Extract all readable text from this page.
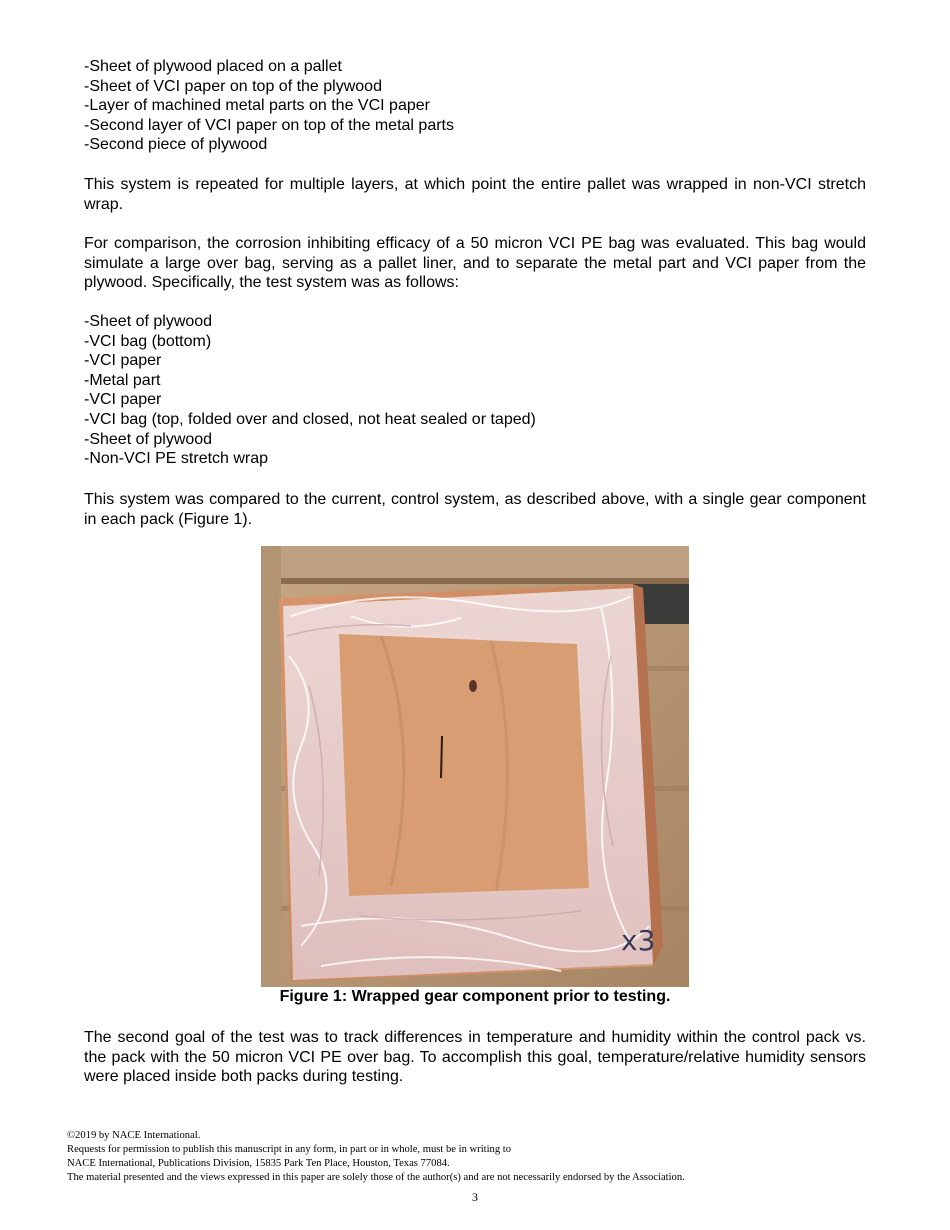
-Sheet of plywood placed on a pallet
-Sheet of VCI paper on top of the plywood
-Layer of machined metal parts on the VCI paper
-Second layer of VCI paper on top of the metal parts
-Second piece of plywood

This system is repeated for multiple layers, at which point the entire pallet was wrapped in non-VCI stretch wrap.

For comparison, the corrosion inhibiting efficacy of a 50 micron VCI PE bag was evaluated. This bag would simulate a large over bag, serving as a pallet liner, and to separate the metal part and VCI paper from the plywood. Specifically, the test system was as follows:

-Sheet of plywood
-VCI bag (bottom)
-VCI paper
-Metal part
-VCI paper
-VCI bag (top, folded over and closed, not heat sealed or taped)
-Sheet of plywood
-Non-VCI PE stretch wrap

This system was compared to the current, control system, as described above, with a single gear component in each pack (Figure 1).

x3
Figure 1: Wrapped gear component prior to testing.

The second goal of the test was to track differences in temperature and humidity within the control pack vs. the pack with the 50 micron VCI PE over bag. To accomplish this goal, temperature/relative humidity sensors were placed inside both packs during testing.

©2019 by NACE International.
Requests for permission to publish this manuscript in any form, in part or in whole, must be in writing to
NACE International, Publications Division, 15835 Park Ten Place, Houston, Texas 77084.
The material presented and the views expressed in this paper are solely those of the author(s) and are not necessarily endorsed by the Association.
3
